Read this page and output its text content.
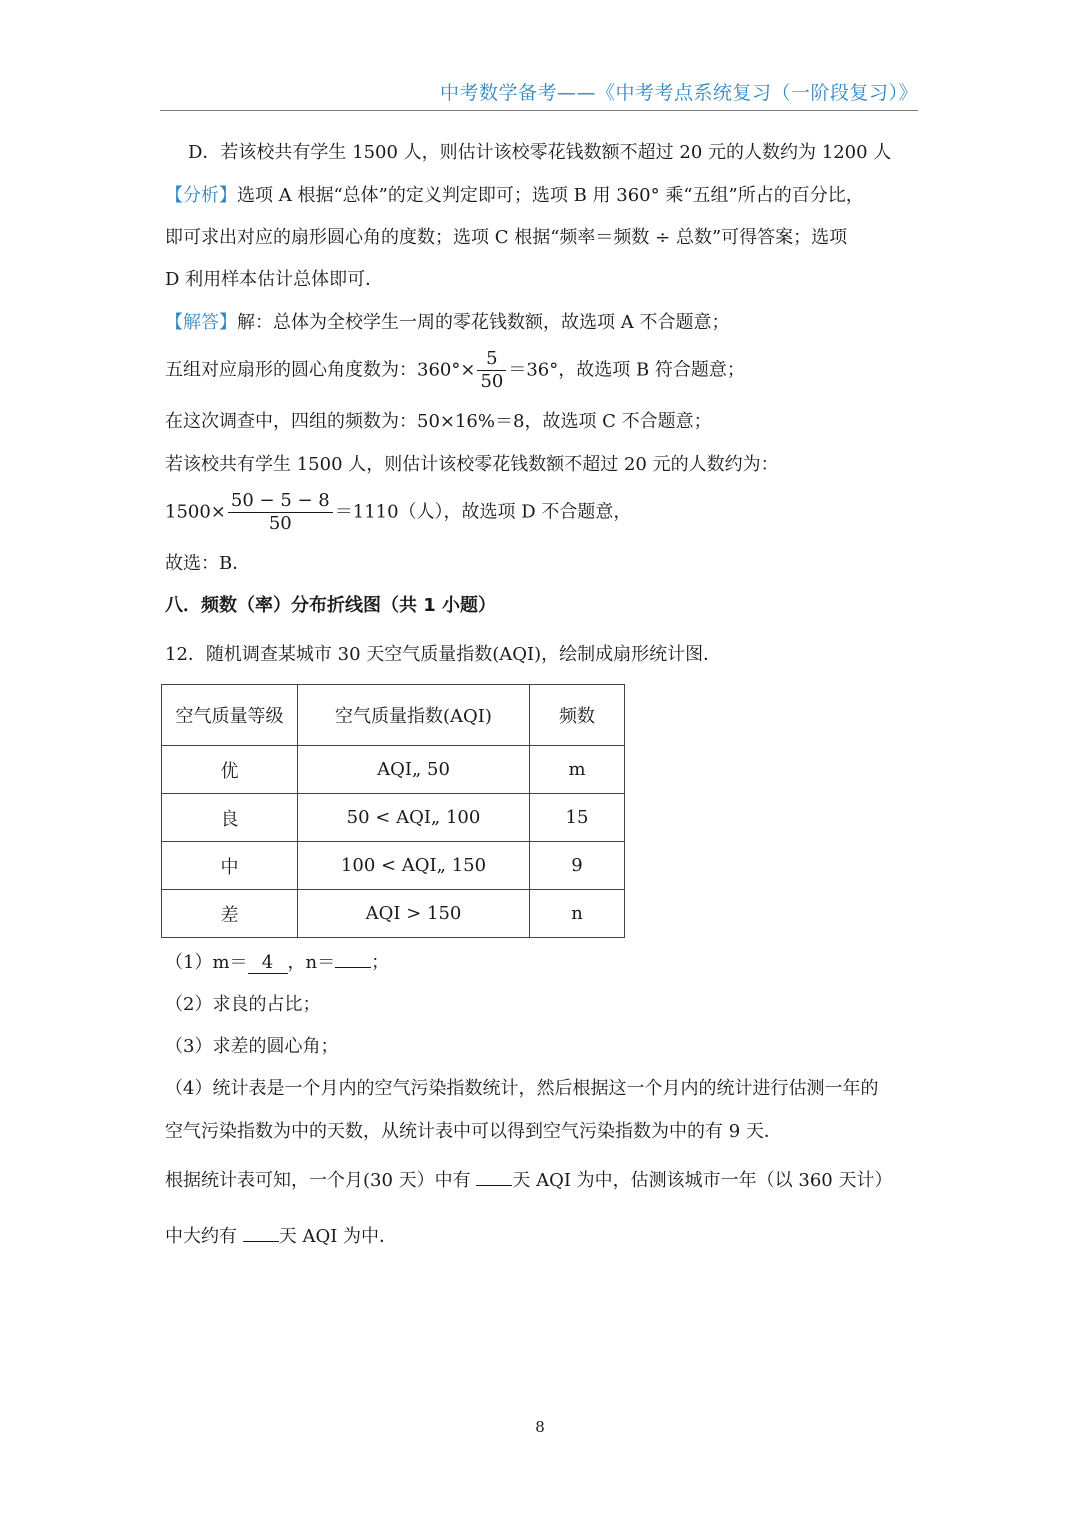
中考数学备考——《中考考点系统复习（一阶段复习）》
D．若该校共有学生 1500 人，则估计该校零花钱数额不超过 20 元的人数约为 1200 人
【分析】选项 A 根据“总体”的定义判定即可；选项 B 用 360° 乘“五组”所占的百分比，
即可求出对应的扇形圆心角的度数；选项 C 根据“频率＝频数 ÷ 总数”可得答案；选项
D 利用样本估计总体即可．
【解答】解：总体为全校学生一周的零花钱数额，故选项 A 不合题意；
五组对应扇形的圆心角度数为：$360^\circ\times \frac{5}{50} =36^\circ$，故选项 B 符合题意；
在这次调查中，四组的频数为：50×16%＝8，故选项 C 不合题意；
若该校共有学生 1500 人，则估计该校零花钱数额不超过 20 元的人数约为：
$1500\times \frac{50 - 5 - 8}{50} =1110$（人），故选项 D 不合题意，
故选：B．
八．频数（率）分布折线图（共 1 小题）
12．随机调查某城市 30 天空气质量指数(AQI)，绘制成扇形统计图．
空气质量等级	空气质量指数(AQI)	频数
优	AQI„ 50	m
良	50 < AQI„ 100	15
中	100 < AQI„ 150	9
差	AQI > 150	n
（1）m＝ 4 ，n＝ ；
（2）求良的占比；
（3）求差的圆心角；
（4）统计表是一个月内的空气污染指数统计，然后根据这一个月内的统计进行估测一年的
空气污染指数为中的天数，从统计表中可以得到空气污染指数为中的有 9 天．
根据统计表可知，一个月(30 天）中有 天 AQI 为中，估测该城市一年（以 360 天计）
中大约有 天 AQI 为中．
8
